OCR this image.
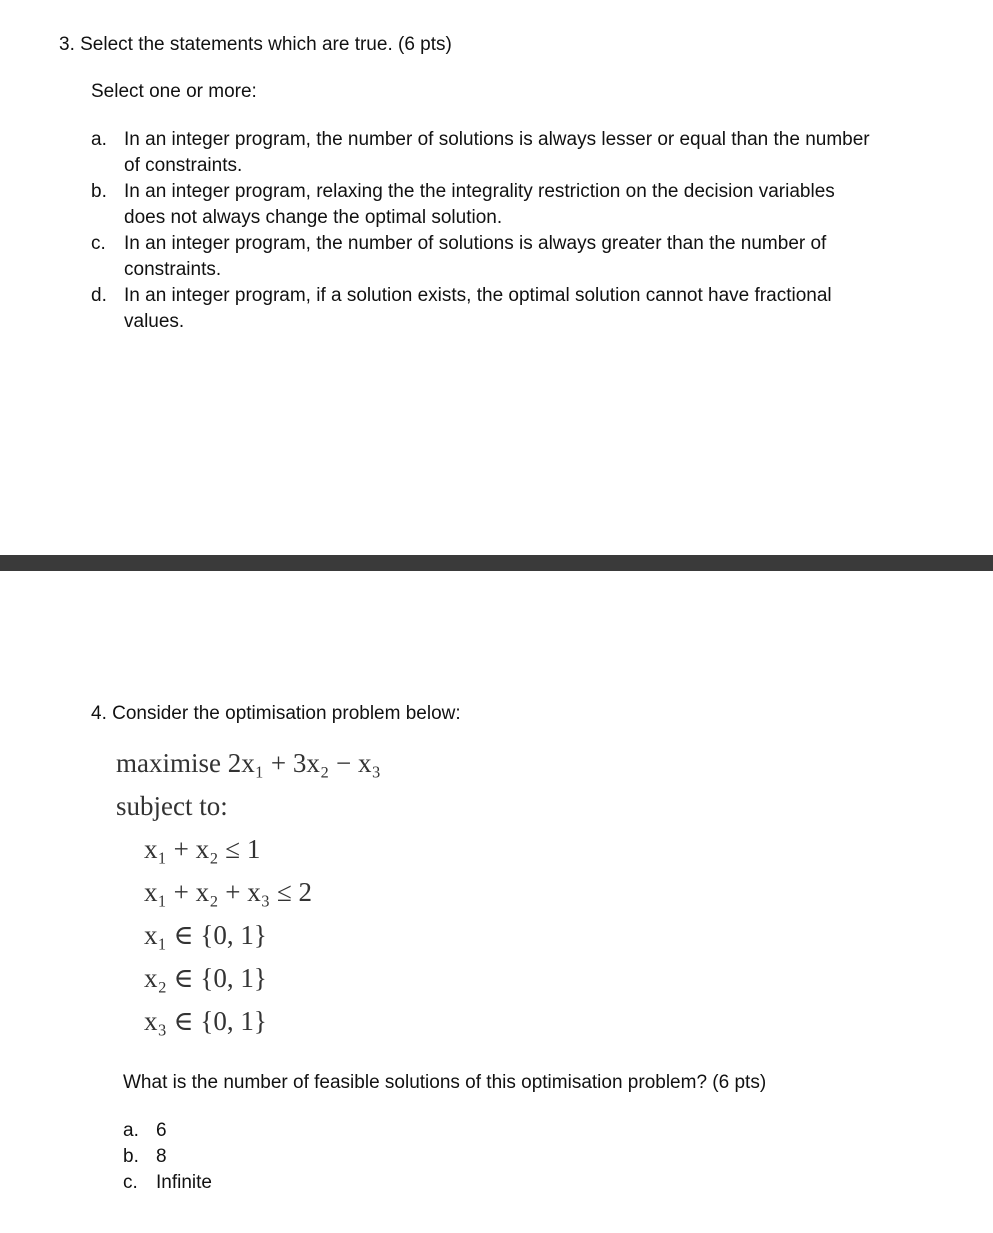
3. Select the statements which are true. (6 pts)
Select one or more:
a. In an integer program, the number of solutions is always lesser or equal than the number of constraints.
b. In an integer program, relaxing the the integrality restriction on the decision variables does not always change the optimal solution.
c. In an integer program, the number of solutions is always greater than the number of constraints.
d. In an integer program, if a solution exists, the optimal solution cannot have fractional values.
4. Consider the optimisation problem below:
maximise 2x₁ + 3x₂ − x₃
subject to:
x₁ + x₂ ≤ 1
x₁ + x₂ + x₃ ≤ 2
x₁ ∈ {0, 1}
x₂ ∈ {0, 1}
x₃ ∈ {0, 1}
What is the number of feasible solutions of this optimisation problem? (6 pts)
a. 6
b. 8
c. Infinite
